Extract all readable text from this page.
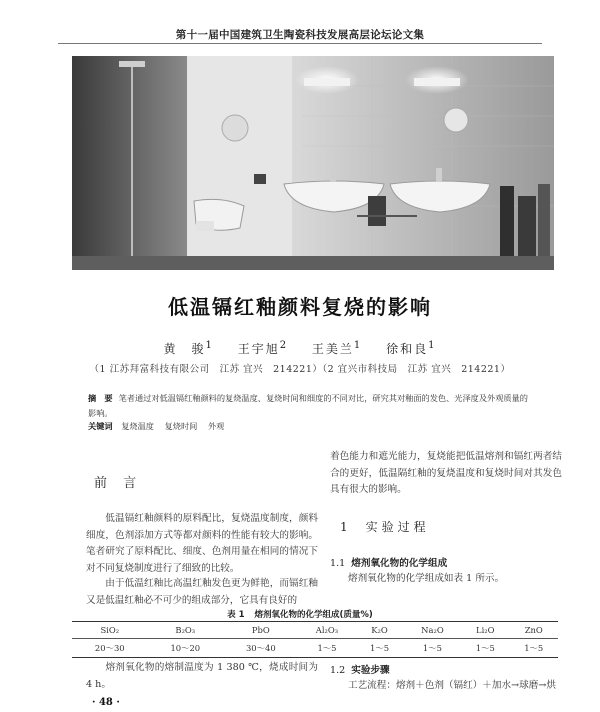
第十一届中国建筑卫生陶瓷科技发展高层论坛论文集
低温镉红釉颜料复烧的影响
黄　骏$^1$ 王宇旭$^2$ 王美兰$^1$ 徐和良$^1$
（1 江苏拜富科技有限公司　江苏 宜兴　214221）（2 宜兴市科技局　江苏 宜兴　214221）
摘　要 笔者通过对低温镉红釉颜料的复烧温度、复烧时间和细度的不同对比，研究其对釉面的发色、光泽度及外观质量的影响。
关键词 复烧温度 复烧时间 外观
前 言
低温镉红釉颜料的原料配比，复烧温度制度，颜料细度，色剂添加方式等都对颜料的性能有较大的影响。笔者研究了原料配比、细度、色剂用量在相同的情况下对不同复烧制度进行了细致的比较。
由于低温红釉比高温红釉发色更为鲜艳，而镉红釉又是低温红釉必不可少的组成部分，它具有良好的
着色能力和遮光能力，复烧能把低温熔剂和镉红两者结合的更好，低温隔红釉的复烧温度和复烧时间对其发色具有很大的影响。
1 实验过程
1.1 熔剂氧化物的化学组成
熔剂氧化物的化学组成如表 1 所示。
表 1 熔剂氧化物的化学组成(质量%)
SiO₂	B₂O₃	PbO	Al₂O₃	K₂O	Na₂O	Li₂O	ZnO
20～30	10～20	30～40	1～5	1～5	1～5	1～5	1～5
熔剂氧化物的熔制温度为 1 380 ℃，烧成时间为 4 h。
1.2 实验步骤
工艺流程：熔剂＋色剂（镉红）＋加水→球磨→烘
· 48 ·
